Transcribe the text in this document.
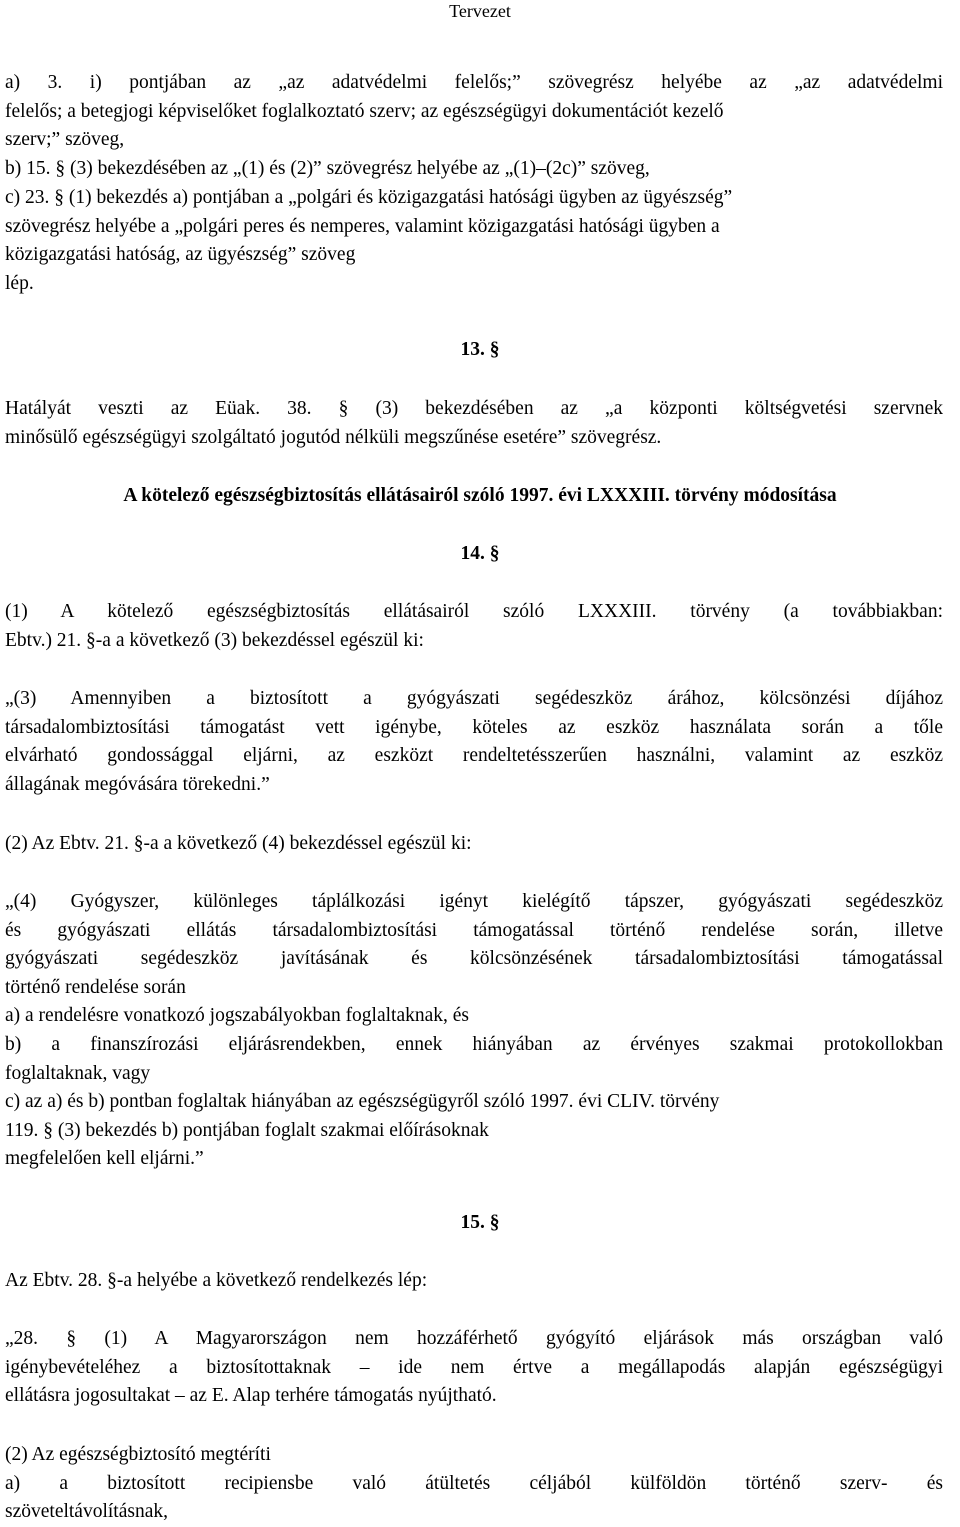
Tervezet
a) 3. i) pontjában az „az adatvédelmi felelős;” szövegrész helyébe az „az adatvédelmi
felelős; a betegjogi képviselőket foglalkoztató szerv; az egészségügyi dokumentációt kezelő
szerv;” szöveg,
b) 15. § (3) bekezdésében az „(1) és (2)” szövegrész helyébe az „(1)–(2c)” szöveg,
c) 23. § (1) bekezdés a) pontjában a „polgári és közigazgatási hatósági ügyben az ügyészség”
szövegrész helyébe a „polgári peres és nemperes, valamint közigazgatási hatósági ügyben a
közigazgatási hatóság, az ügyészség” szöveg
lép.
13. §
Hatályát veszti az Eüak. 38. § (3) bekezdésében az „a központi költségvetési szervnek
minősülő egészségügyi szolgáltató jogutód nélküli megszűnése esetére” szövegrész.
A kötelező egészségbiztosítás ellátásairól szóló 1997. évi LXXXIII. törvény módosítása
14. §
(1) A kötelező egészségbiztosítás ellátásairól szóló LXXXIII. törvény (a továbbiakban:
Ebtv.) 21. §-a a következő (3) bekezdéssel egészül ki:
„(3) Amennyiben a biztosított a gyógyászati segédeszköz árához, kölcsönzési díjához
társadalombiztosítási támogatást vett igénybe, köteles az eszköz használata során a tőle
elvárható gondossággal eljárni, az eszközt rendeltetésszerűen használni, valamint az eszköz
állagának megóvására törekedni.”
(2) Az Ebtv. 21. §-a a következő (4) bekezdéssel egészül ki:
„(4) Gyógyszer, különleges táplálkozási igényt kielégítő tápszer, gyógyászati segédeszköz
és gyógyászati ellátás társadalombiztosítási támogatással történő rendelése során, illetve
gyógyászati segédeszköz javításának és kölcsönzésének társadalombiztosítási támogatással
történő rendelése során
a) a rendelésre vonatkozó jogszabályokban foglaltaknak, és
b) a finanszírozási eljárásrendekben, ennek hiányában az érvényes szakmai protokollokban
foglaltaknak, vagy
c) az a) és b) pontban foglaltak hiányában az egészségügyről szóló 1997. évi CLIV. törvény
119. § (3) bekezdés b) pontjában foglalt szakmai előírásoknak
megfelelően kell eljárni.”
15. §
Az Ebtv. 28. §-a helyébe a következő rendelkezés lép:
„28. § (1) A Magyarországon nem hozzáférhető gyógyító eljárások más országban való
igénybevételéhez a biztosítottaknak – ide nem értve a megállapodás alapján egészségügyi
ellátásra jogosultakat – az E. Alap terhére támogatás nyújtható.
(2) Az egészségbiztosító megtéríti
a) a biztosított recipiensbe való átültetés céljából külföldön történő szerv- és
szöveteltávolításnak,
